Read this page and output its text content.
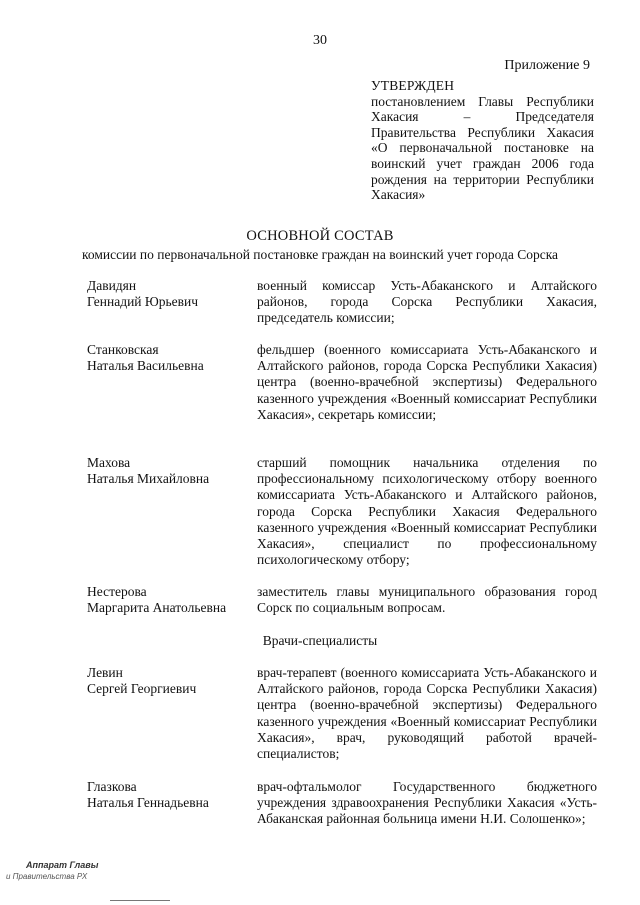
30
Приложение 9
УТВЕРЖДЕН
постановлением Главы Республики Хакасия – Председателя Правительства Республики Хакасия «О первоначальной постановке на воинский учет граждан 2006 года рождения на территории Республики Хакасия»
ОСНОВНОЙ СОСТАВ
комиссии по первоначальной постановке граждан на воинский учет города Сорска
Давидян
Геннадий Юрьевич
военный комиссар Усть-Абаканского и Алтайского районов, города Сорска Республики Хакасия, председатель комиссии;
Станковская
Наталья Васильевна
фельдшер (военного комиссариата Усть-Абаканского и Алтайского районов, города Сорска Республики Хакасия) центра (военно-врачебной экспертизы) Федерального казенного учреждения «Военный комиссариат Республики Хакасия», секретарь комиссии;
Махова
Наталья Михайловна
старший помощник начальника отделения по профессиональному психологическому отбору военного комиссариата Усть-Абаканского и Алтайского районов, города Сорска Республики Хакасия Федерального казенного учреждения «Военный комиссариат Республики Хакасия», специалист по профессиональному психологическому отбору;
Нестерова
Маргарита Анатольевна
заместитель главы муниципального образования город Сорск по социальным вопросам.
Врачи-специалисты
Левин
Сергей Георгиевич
врач-терапевт (военного комиссариата Усть-Абаканского и Алтайского районов, города Сорска Республики Хакасия) центра (военно-врачебной экспертизы) Федерального казенного учреждения «Военный комиссариат Республики Хакасия», врач, руководящий работой врачей-специалистов;
Глазкова
Наталья Геннадьевна
врач-офтальмолог Государственного бюджетного учреждения здравоохранения Республики Хакасия «Усть-Абаканская районная больница имени Н.И. Солошенко»;
Аппарат Главы
и Правительства РХ
